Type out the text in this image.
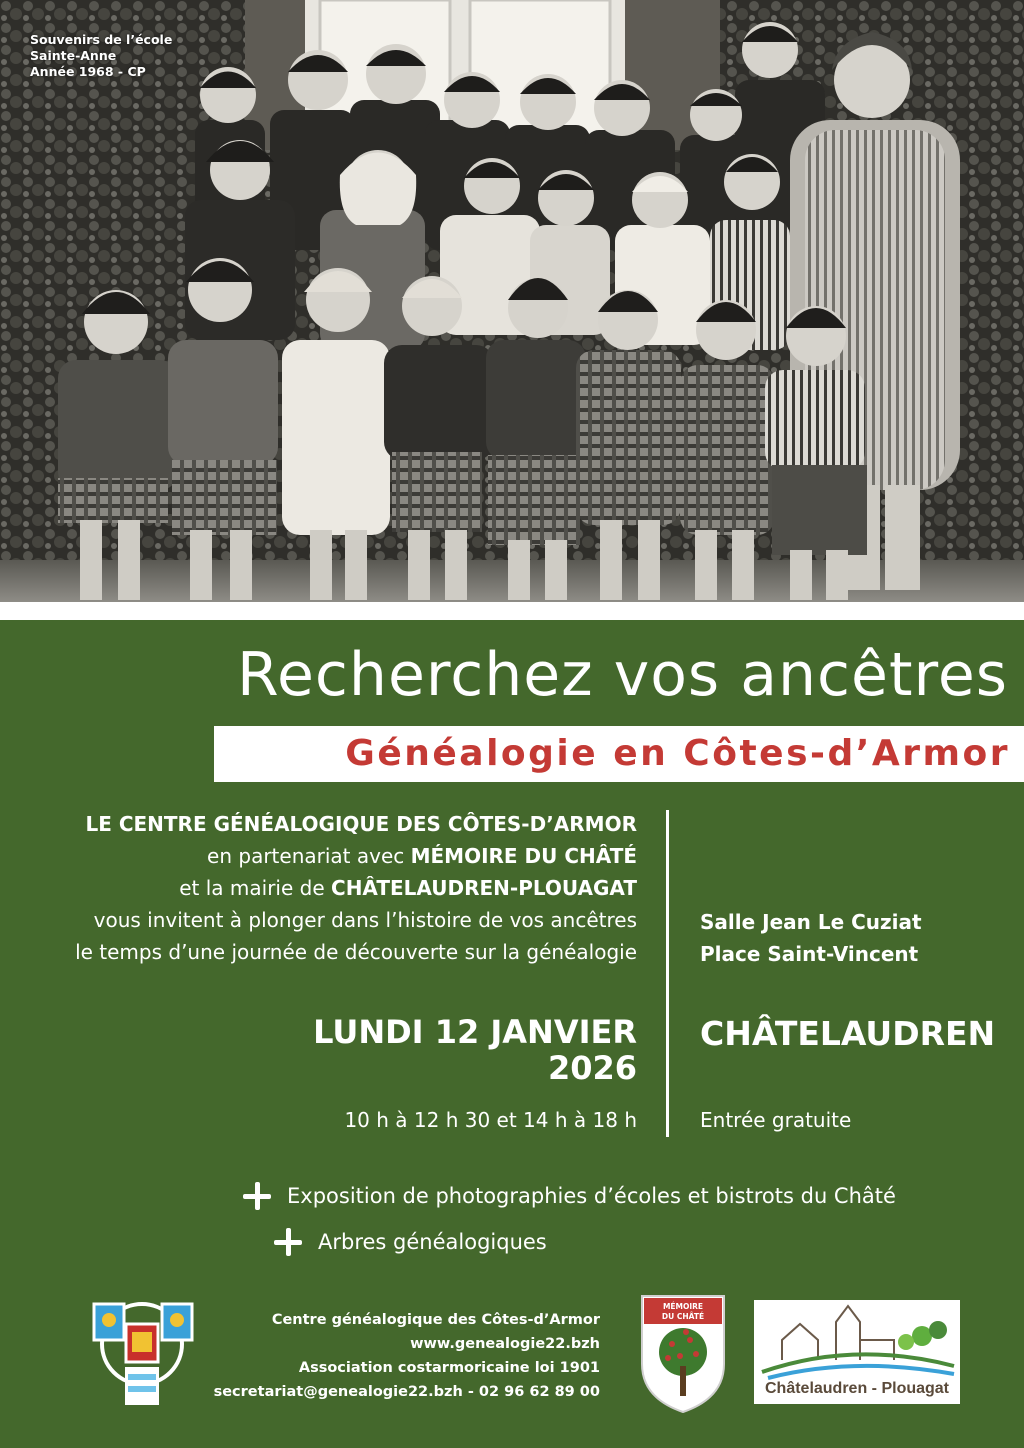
Souvenirs de l’école
Sainte-Anne
Année 1968 - CP
Recherchez vos ancêtres
Généalogie en Côtes-d’Armor
LE CENTRE GÉNÉALOGIQUE DES CÔTES-D’ARMOR
en partenariat avec MÉMOIRE DU CHÂTÉ
et la mairie de CHÂTELAUDREN-PLOUAGAT
vous invitent à plonger dans l’histoire de vos ancêtres
le temps d’une journée de découverte sur la généalogie
Salle Jean Le Cuziat
Place Saint-Vincent
LUNDI 12 JANVIER
2026
10 h à 12 h 30 et 14 h à 18 h
CHÂTELAUDREN
Entrée gratuite
Exposition de photographies d’écoles et bistrots du Châté
Arbres généalogiques
Centre généalogique des Côtes-d’Armor
www.genealogie22.bzh
Association costarmoricaine loi 1901
secretariat@genealogie22.bzh - 02 96 62 89 00
MÉMOIRE
DU CHÂTÉ
Châtelaudren - Plouagat
